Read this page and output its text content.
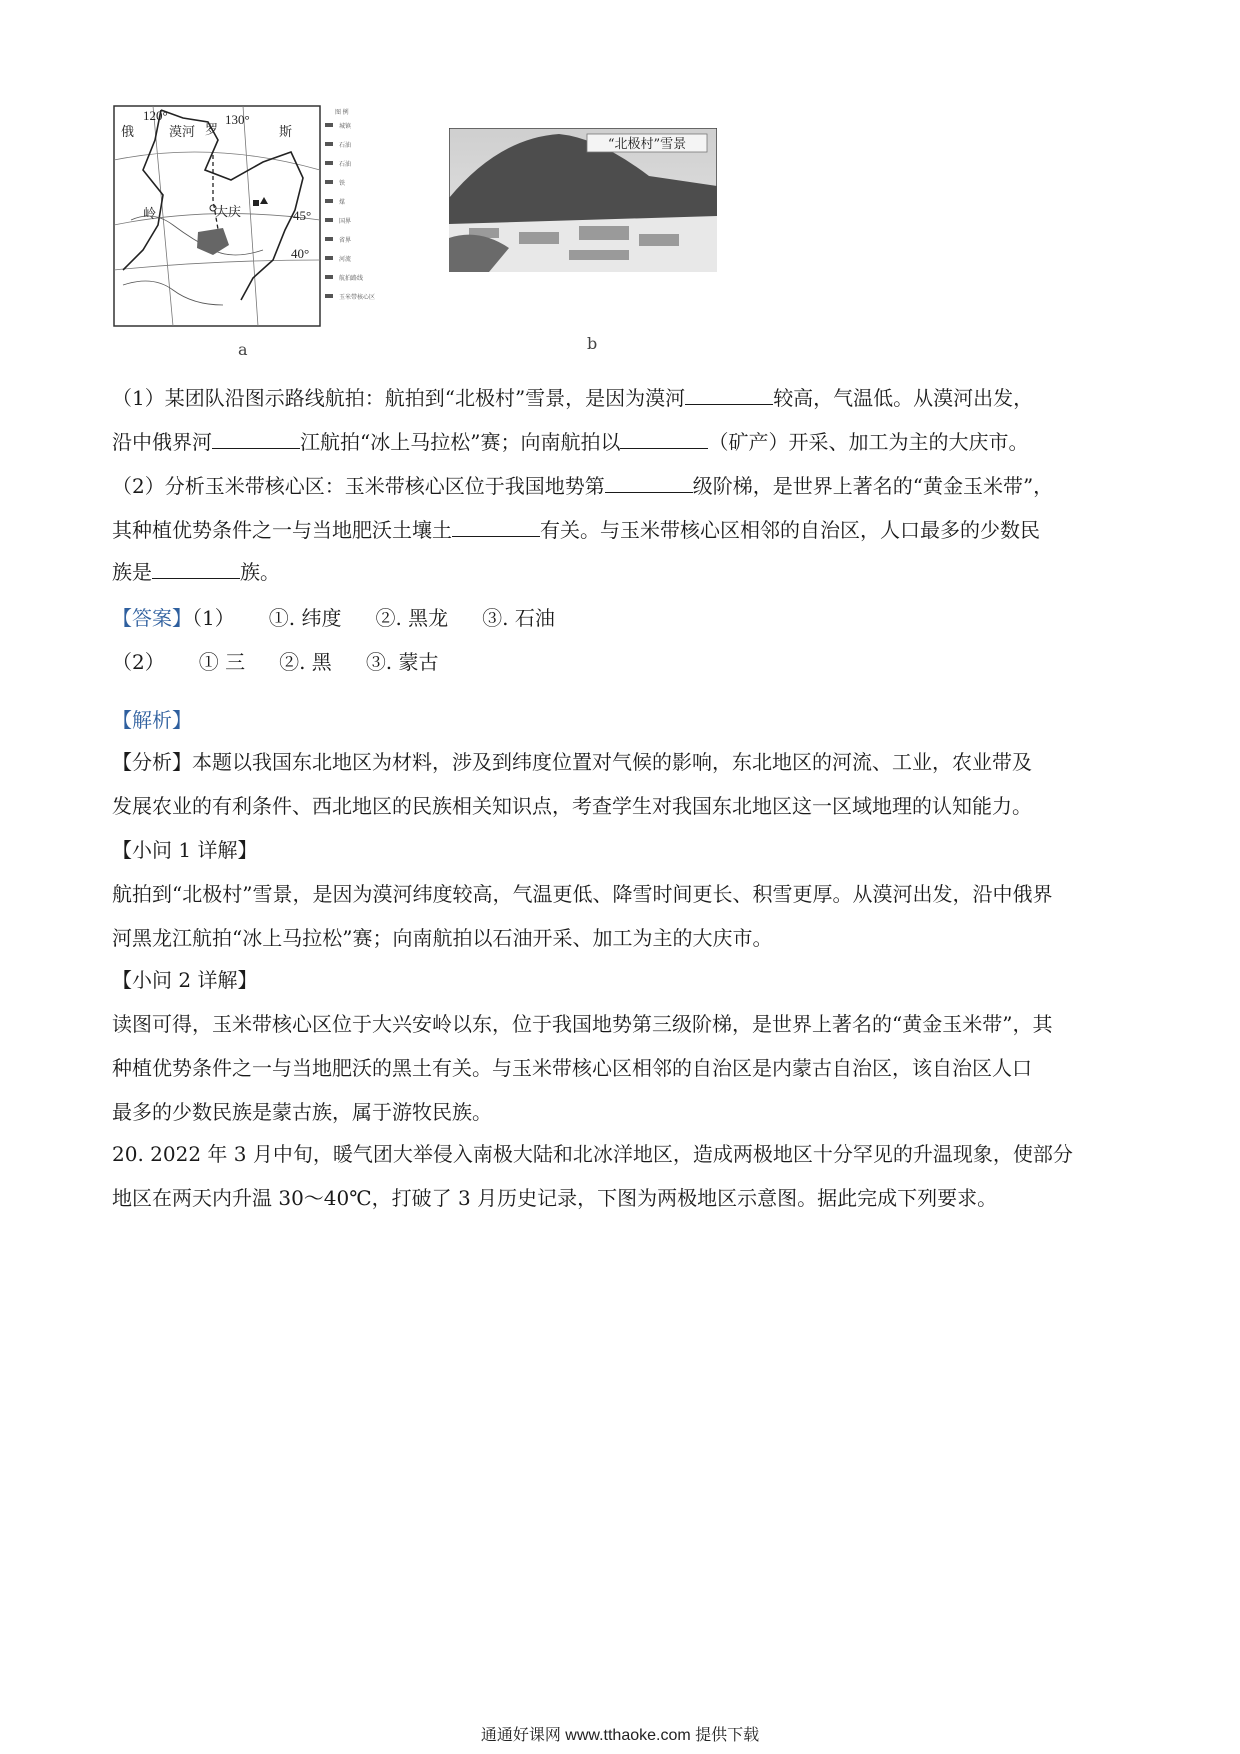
120°	130°
45°
40°
大庆
俄	漠河 罗	斯
岭
图 例
城镇
石油
石油
铁
煤
国界
省界
河流
航拍路线
玉米带核心区
a
“北极村”雪景
b
（1）某团队沿图示路线航拍：航拍到“北极村”雪景，是因为漠河	较高，气温低。从漠河出发，
沿中俄界河	江航拍“冰上马拉松”赛；向南航拍以	（矿产）开采、加工为主的大庆市。
（2）分析玉米带核心区：玉米带核心区位于我国地势第	级阶梯，是世界上著名的“黄金玉米带”，
其种植优势条件之一与当地肥沃土壤土	有关。与玉米带核心区相邻的自治区，人口最多的少数民
族是	族。
【答案】（1） ①. 纬度 ②. 黑龙 ③. 石油
（2） ① 三 ②. 黑 ③. 蒙古
【解析】
【分析】本题以我国东北地区为材料，涉及到纬度位置对气候的影响，东北地区的河流、工业，农业带及
发展农业的有利条件、西北地区的民族相关知识点，考查学生对我国东北地区这一区域地理的认知能力。
【小问 1 详解】
航拍到“北极村”雪景，是因为漠河纬度较高，气温更低、降雪时间更长、积雪更厚。从漠河出发，沿中俄界
河黑龙江航拍“冰上马拉松”赛；向南航拍以石油开采、加工为主的大庆市。
【小问 2 详解】
读图可得，玉米带核心区位于大兴安岭以东，位于我国地势第三级阶梯，是世界上著名的“黄金玉米带”，其
种植优势条件之一与当地肥沃的黑土有关。与玉米带核心区相邻的自治区是内蒙古自治区，该自治区人口
最多的少数民族是蒙古族，属于游牧民族。
20. 2022 年 3 月中旬，暖气团大举侵入南极大陆和北冰洋地区，造成两极地区十分罕见的升温现象，使部分
地区在两天内升温 30～40℃，打破了 3 月历史记录，下图为两极地区示意图。据此完成下列要求。
通通好课网 www.tthaoke.com 提供下载
